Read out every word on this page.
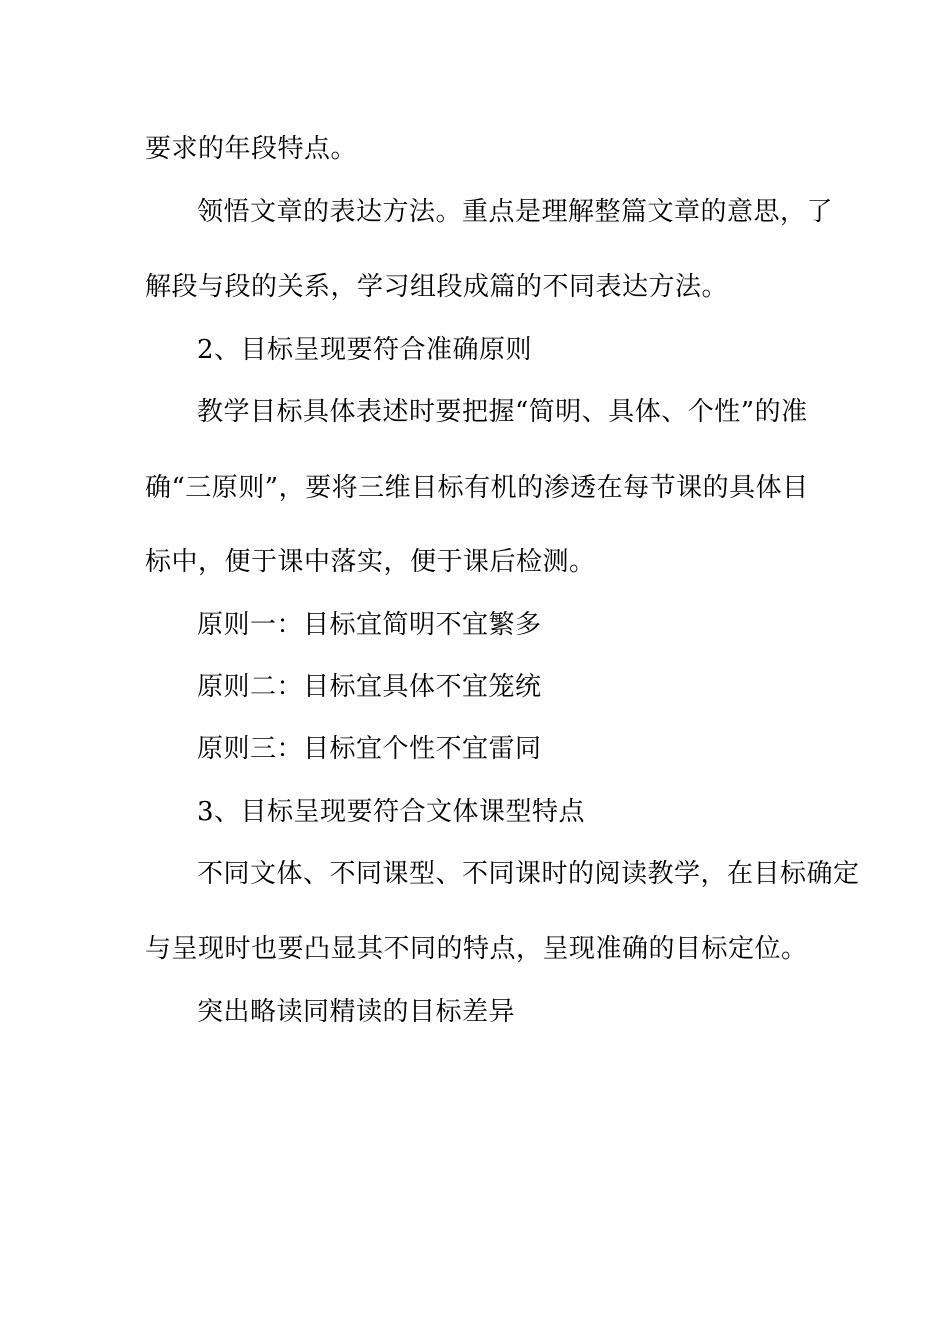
要求的年段特点。
领悟文章的表达方法。重点是理解整篇文章的意思，了
解段与段的关系，学习组段成篇的不同表达方法。
2、目标呈现要符合准确原则
教学目标具体表述时要把握“简明、具体、个性”的准
确“三原则”，要将三维目标有机的渗透在每节课的具体目
标中，便于课中落实，便于课后检测。
原则一：目标宜简明不宜繁多
原则二：目标宜具体不宜笼统
原则三：目标宜个性不宜雷同
3、目标呈现要符合文体课型特点
不同文体、不同课型、不同课时的阅读教学，在目标确定
与呈现时也要凸显其不同的特点，呈现准确的目标定位。
突出略读同精读的目标差异
